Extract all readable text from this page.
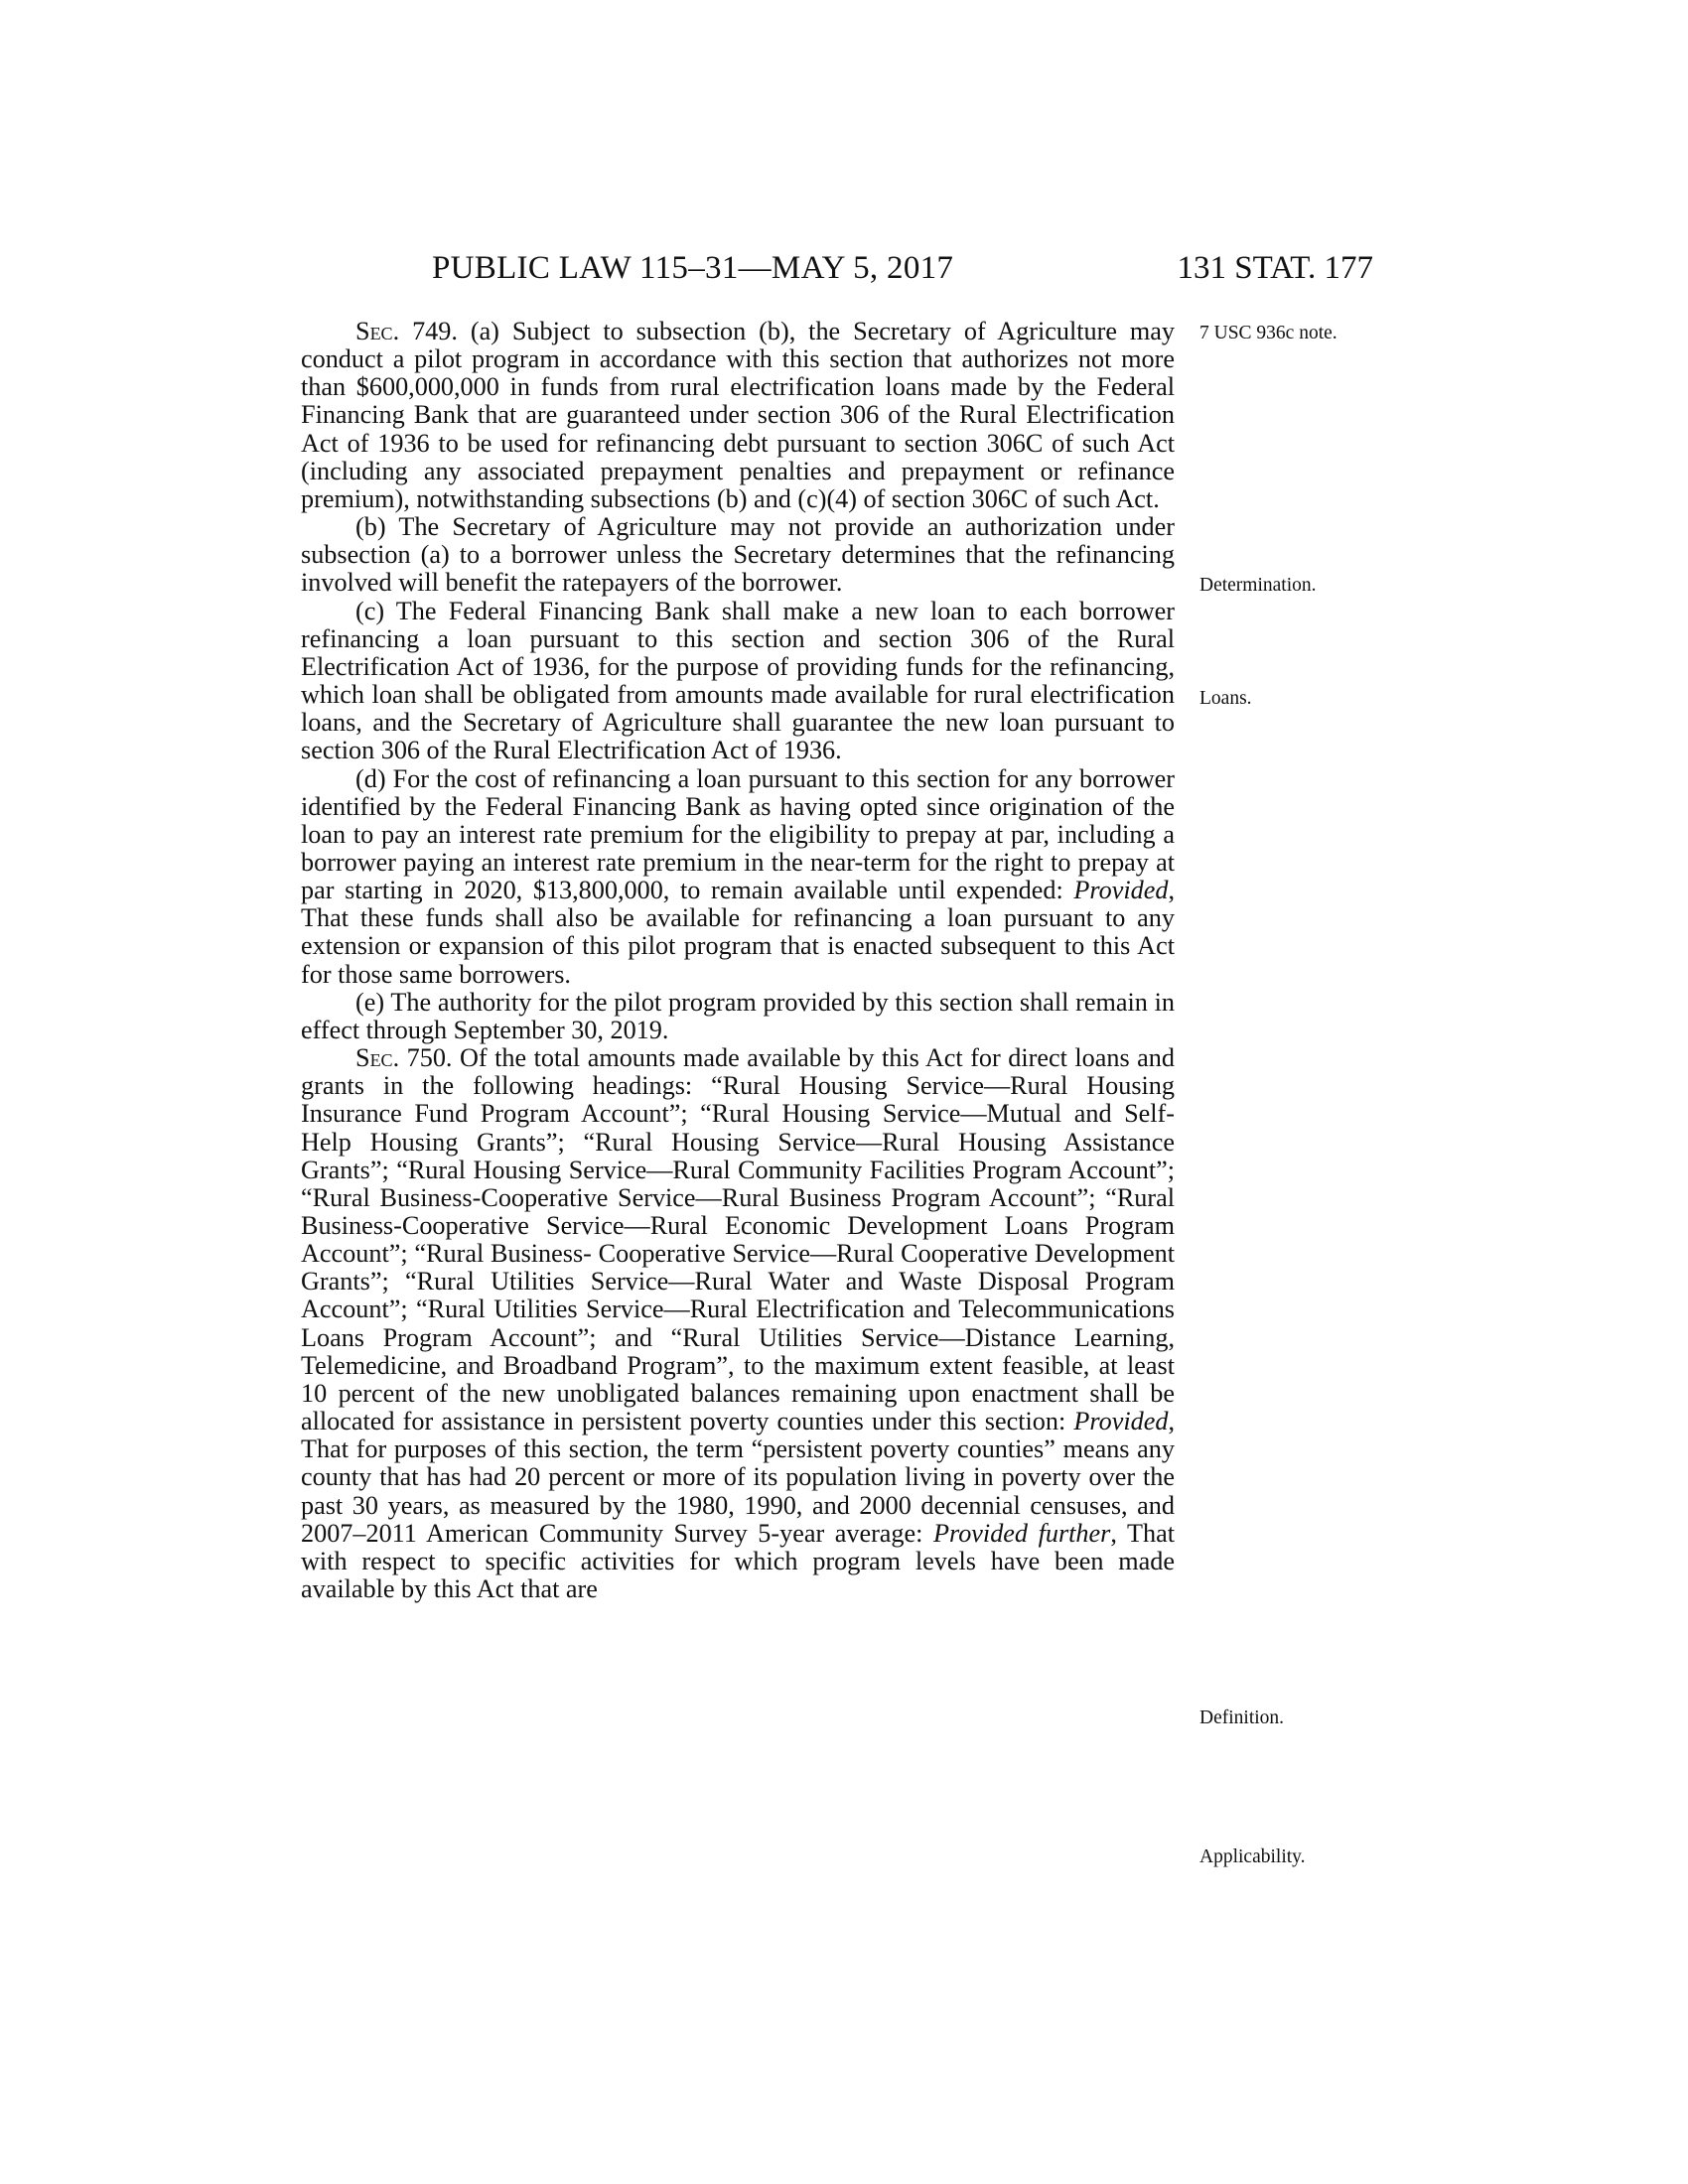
PUBLIC LAW 115–31—MAY 5, 2017	131 STAT. 177
7 USC 936c note.
Determination.
Loans.
Definition.
Applicability.

Sec. 749. (a) Subject to subsection (b), the Secretary of Agriculture may conduct a pilot program in accordance with this section that authorizes not more than $600,000,000 in funds from rural electrification loans made by the Federal Financing Bank that are guaranteed under section 306 of the Rural Electrification Act of 1936 to be used for refinancing debt pursuant to section 306C of such Act (including any associated prepayment penalties and prepayment or refinance premium), notwithstanding subsections (b) and (c)(4) of section 306C of such Act.

(b) The Secretary of Agriculture may not provide an authorization under subsection (a) to a borrower unless the Secretary determines that the refinancing involved will benefit the ratepayers of the borrower.

(c) The Federal Financing Bank shall make a new loan to each borrower refinancing a loan pursuant to this section and section 306 of the Rural Electrification Act of 1936, for the purpose of providing funds for the refinancing, which loan shall be obligated from amounts made available for rural electrification loans, and the Secretary of Agriculture shall guarantee the new loan pursuant to section 306 of the Rural Electrification Act of 1936.

(d) For the cost of refinancing a loan pursuant to this section for any borrower identified by the Federal Financing Bank as having opted since origination of the loan to pay an interest rate premium for the eligibility to prepay at par, including a borrower paying an interest rate premium in the near-term for the right to prepay at par starting in 2020, $13,800,000, to remain available until expended: Provided, That these funds shall also be available for refinancing a loan pursuant to any extension or expansion of this pilot program that is enacted subsequent to this Act for those same borrowers.

(e) The authority for the pilot program provided by this section shall remain in effect through September 30, 2019.

Sec. 750. Of the total amounts made available by this Act for direct loans and grants in the following headings: “Rural Housing Service—Rural Housing Insurance Fund Program Account”; “Rural Housing Service—Mutual and Self-Help Housing Grants”; “Rural Housing Service—Rural Housing Assistance Grants”; “Rural Housing Service—Rural Community Facilities Program Account”; “Rural Business-Cooperative Service—Rural Business Program Account”; “Rural Business-Cooperative Service—Rural Economic Development Loans Program Account”; “Rural Business- Cooperative Service—Rural Cooperative Development Grants”; “Rural Utilities Service—Rural Water and Waste Disposal Program Account”; “Rural Utilities Service—Rural Electrification and Telecommunications Loans Program Account”; and “Rural Utilities Service—Distance Learning, Telemedicine, and Broadband Program”, to the maximum extent feasible, at least 10 percent of the new unobligated balances remaining upon enactment shall be allocated for assistance in persistent poverty counties under this section: Provided, That for purposes of this section, the term “persistent poverty counties” means any county that has had 20 percent or more of its population living in poverty over the past 30 years, as measured by the 1980, 1990, and 2000 decennial censuses, and 2007–2011 American Community Survey 5-year average: Provided further, That with respect to specific activities for which program levels have been made available by this Act that are
